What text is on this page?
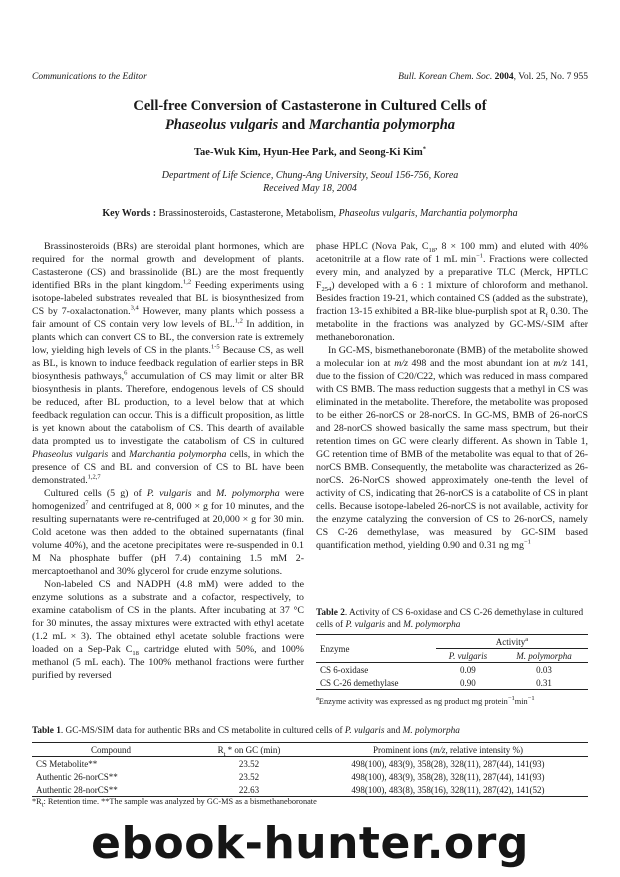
Communications to the Editor	Bull. Korean Chem. Soc. 2004, Vol. 25, No. 7 955
Cell-free Conversion of Castasterone in Cultured Cells of
Phaseolus vulgaris and Marchantia polymorpha
Tae-Wuk Kim, Hyun-Hee Park, and Seong-Ki Kim*
Department of Life Science, Chung-Ang University, Seoul 156-756, Korea
Received May 18, 2004
Key Words : Brassinosteroids, Castasterone, Metabolism, Phaseolus vulgaris, Marchantia polymorpha

Brassinosteroids (BRs) are steroidal plant hormones, which are required for the normal growth and development of plants. Castasterone (CS) and brassinolide (BL) are the most frequently identified BRs in the plant kingdom.$^{1,2}$ Feeding experiments using isotope-labeled substrates revealed that BL is biosynthesized from CS by 7-oxalactonation.$^{3,4}$ However, many plants which possess a fair amount of CS contain very low levels of BL.$^{1,2}$ In addition, in plants which can convert CS to BL, the conversion rate is extremely low, yielding high levels of CS in the plants.$^{1-5}$ Because CS, as well as BL, is known to induce feedback regulation of earlier steps in BR biosynthesis pathways,$^6$ accumulation of CS may limit or alter BR biosynthesis in plants. Therefore, endogenous levels of CS should be reduced, after BL production, to a level below that at which feedback regulation can occur. This is a difficult proposition, as little is yet known about the catabolism of CS. This dearth of available data prompted us to investigate the catabolism of CS in cultured Phaseolus vulgaris and Marchantia polymorpha cells, in which the presence of CS and BL and conversion of CS to BL have been demonstrated.$^{1,2,7}$

Cultured cells (5 g) of P. vulgaris and M. polymorpha were homogenized$^7$ and centrifuged at 8, 000 × g for 10 minutes, and the resulting supernatants were re-centrifuged at 20,000 × g for 30 min. Cold acetone was then added to the obtained supernatants (final volume 40%), and the acetone precipitates were re-suspended in 0.1 M Na phosphate buffer (pH 7.4) containing 1.5 mM 2-mercaptoethanol and 30% glycerol for crude enzyme solutions.

Non-labeled CS and NADPH (4.8 mM) were added to the enzyme solutions as a substrate and a cofactor, respectively, to examine catabolism of CS in the plants. After incubating at 37 °C for 30 minutes, the assay mixtures were extracted with ethyl acetate (1.2 mL × 3). The obtained ethyl acetate soluble fractions were loaded on a Sep-Pak $C_{18}$ cartridge eluted with 50%, and 100% methanol (5 mL each). The 100% methanol fractions were further purified by reversed

phase HPLC (Nova Pak, $C_{18}$, 8 × 100 mm) and eluted with 40% acetonitrile at a flow rate of 1 mL $\min^{-1}$. Fractions were collected every min, and analyzed by a preparative TLC (Merck, HPTLC $F_{254}$) developed with a 6 : 1 mixture of chloroform and methanol. Besides fraction 19-21, which contained CS (added as the substrate), fraction 13-15 exhibited a BR-like blue-purplish spot at $R_f$ 0.30. The metabolite in the fractions was analyzed by GC-MS/-SIM after methaneboronation.

In GC-MS, bismethaneboronate (BMB) of the metabolite showed a molecular ion at m/z 498 and the most abundant ion at m/z 141, due to the fission of C20/C22, which was reduced in mass compared with CS BMB. The mass reduction suggests that a methyl in CS was eliminated in the metabolite. Therefore, the metabolite was proposed to be either 26-norCS or 28-norCS. In GC-MS, BMB of 26-norCS and 28-norCS showed basically the same mass spectrum, but their retention times on GC were clearly different. As shown in Table 1, GC retention time of BMB of the metabolite was equal to that of 26-norCS BMB. Consequently, the metabolite was characterized as 26-norCS. 26-NorCS showed approximately one-tenth the level of activity of CS, indicating that 26-norCS is a catabolite of CS in plant cells. Because isotope-labeled 26-norCS is not available, activity for the enzyme catalyzing the conversion of CS to 26-norCS, namely CS C-26 demethylase, was measured by GC-SIM based quantification method, yielding 0.90 and 0.31 ng $mg^{-1}$

Table 2. Activity of CS 6-oxidase and CS C-26 demethylase in cultured cells of P. vulgaris and M. polymorpha
Enzyme	Activity$^a$
	P. vulgaris	M. polymorpha
CS 6-oxidase	0.09	0.03
CS C-26 demethylase	0.90	0.31
$^a$Enzyme activity was expressed as ng product mg $protein^{-1}\min^{-1}$
Table 1. GC-MS/SIM data for authentic BRs and CS metabolite in cultured cells of P. vulgaris and M. polymorpha
Compound	$R_t$ * on GC (min)	Prominent ions (m/z, relative intensity %)
CS Metabolite**	23.52	498(100), 483(9), 358(28), 328(11), 287(44), 141(93)
Authentic 26-norCS**	23.52	498(100), 483(9), 358(28), 328(11), 287(44), 141(93)
Authentic 28-norCS**	22.63	498(100), 483(8), 358(16), 328(11), 287(42), 141(52)
$*R_t$: Retention time. **The sample was analyzed by GC-MS as a bismethaneboronate
ebook-hunter.org
